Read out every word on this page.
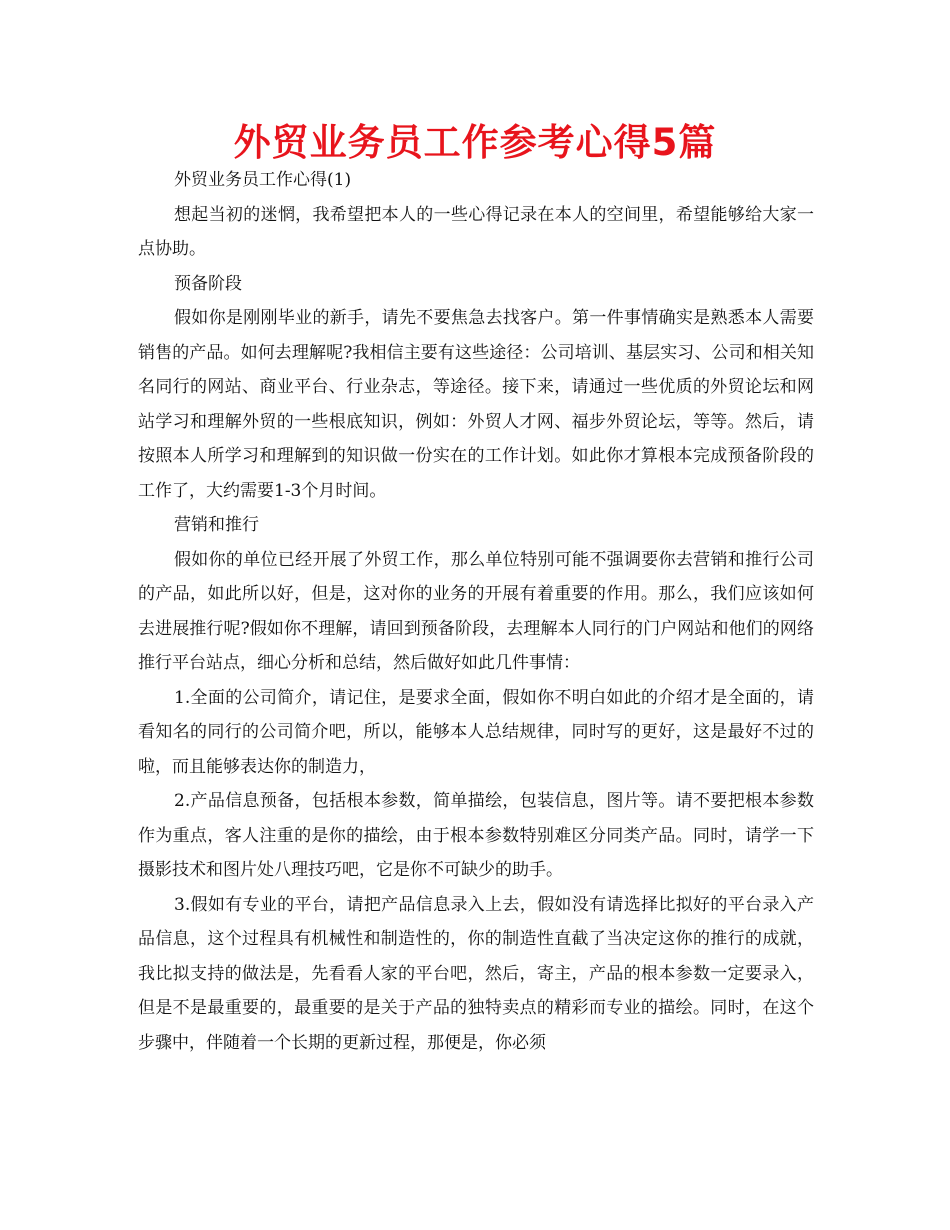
外贸业务员工作参考心得5篇

外贸业务员工作心得(1)

想起当初的迷惘，我希望把本人的一些心得记录在本人的空间里，希望能够给大家一点协助。

预备阶段

假如你是刚刚毕业的新手，请先不要焦急去找客户。第一件事情确实是熟悉本人需要销售的产品。如何去理解呢?我相信主要有这些途径：公司培训、基层实习、公司和相关知名同行的网站、商业平台、行业杂志，等途径。接下来，请通过一些优质的外贸论坛和网站学习和理解外贸的一些根底知识，例如：外贸人才网、福步外贸论坛，等等。然后，请按照本人所学习和理解到的知识做一份实在的工作计划。如此你才算根本完成预备阶段的工作了，大约需要1-3个月时间。

营销和推行

假如你的单位已经开展了外贸工作，那么单位特别可能不强调要你去营销和推行公司的产品，如此所以好，但是，这对你的业务的开展有着重要的作用。那么，我们应该如何去进展推行呢?假如你不理解，请回到预备阶段，去理解本人同行的门户网站和他们的网络推行平台站点，细心分析和总结，然后做好如此几件事情：

1.全面的公司简介，请记住，是要求全面，假如你不明白如此的介绍才是全面的，请看知名的同行的公司简介吧，所以，能够本人总结规律，同时写的更好，这是最好不过的啦，而且能够表达你的制造力，

2.产品信息预备，包括根本参数，简单描绘，包装信息，图片等。请不要把根本参数作为重点，客人注重的是你的描绘，由于根本参数特别难区分同类产品。同时，请学一下摄影技术和图片处八理技巧吧，它是你不可缺少的助手。

3.假如有专业的平台，请把产品信息录入上去，假如没有请选择比拟好的平台录入产品信息，这个过程具有机械性和制造性的，你的制造性直截了当决定这你的推行的成就，我比拟支持的做法是，先看看人家的平台吧，然后，寄主，产品的根本参数一定要录入，但是不是最重要的，最重要的是关于产品的独特卖点的精彩而专业的描绘。同时，在这个步骤中，伴随着一个长期的更新过程，那便是，你必须
